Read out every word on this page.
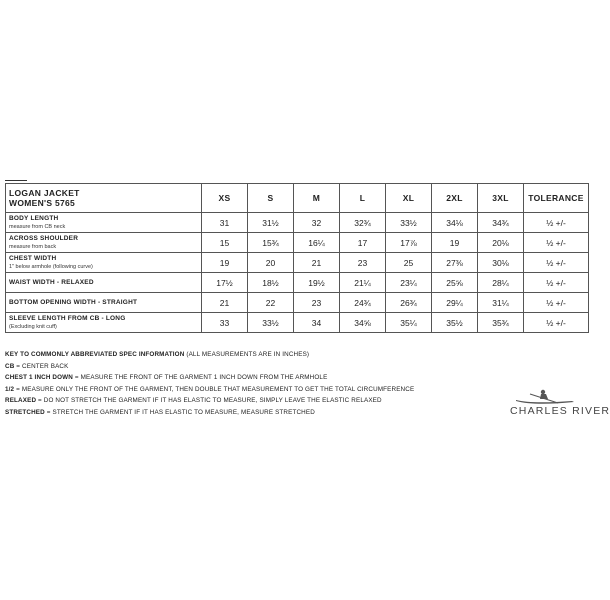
LOGAN JACKET
WOMEN'S 5765	XS	S	M	L	XL	2XL	3XL	TOLERANCE

BODY LENGTH
measure from CB neck	31	31½	32	32¾	33½	34⅛	34¾	½ +/-

ACROSS SHOULDER
measure from back	15	15¾	16¼	17	17⅞	19	20⅛	½ +/-

CHEST WIDTH
1" below armhole (following curve)	19	20	21	23	25	27⅜	30⅛	½ +/-

WAIST WIDTH - RELAXED	17½	18½	19½	21¼	23¼	25⅝	28¼	½ +/-

BOTTOM OPENING WIDTH - STRAIGHT	21	22	23	24¾	26¾	29¼	31¼	½ +/-

SLEEVE LENGTH FROM CB - LONG
(Excluding knit cuff)	33	33½	34	34⅝	35¼	35½	35¾	½ +/-
KEY TO COMMONLY ABBREVIATED SPEC INFORMATION (ALL MEASUREMENTS ARE IN INCHES)
CB = CENTER BACK
CHEST 1 INCH DOWN = MEASURE THE FRONT OF THE GARMENT 1 INCH DOWN FROM THE ARMHOLE
1/2 = MEASURE ONLY THE FRONT OF THE GARMENT, THEN DOUBLE THAT MEASUREMENT TO GET THE TOTAL CIRCUMFERENCE
RELAXED = DO NOT STRETCH THE GARMENT IF IT HAS ELASTIC TO MEASURE, SIMPLY LEAVE THE ELASTIC RELAXED
STRETCHED = STRETCH THE GARMENT IF IT HAS ELASTIC TO MEASURE, MEASURE STRETCHED	CHARLES RIVER
